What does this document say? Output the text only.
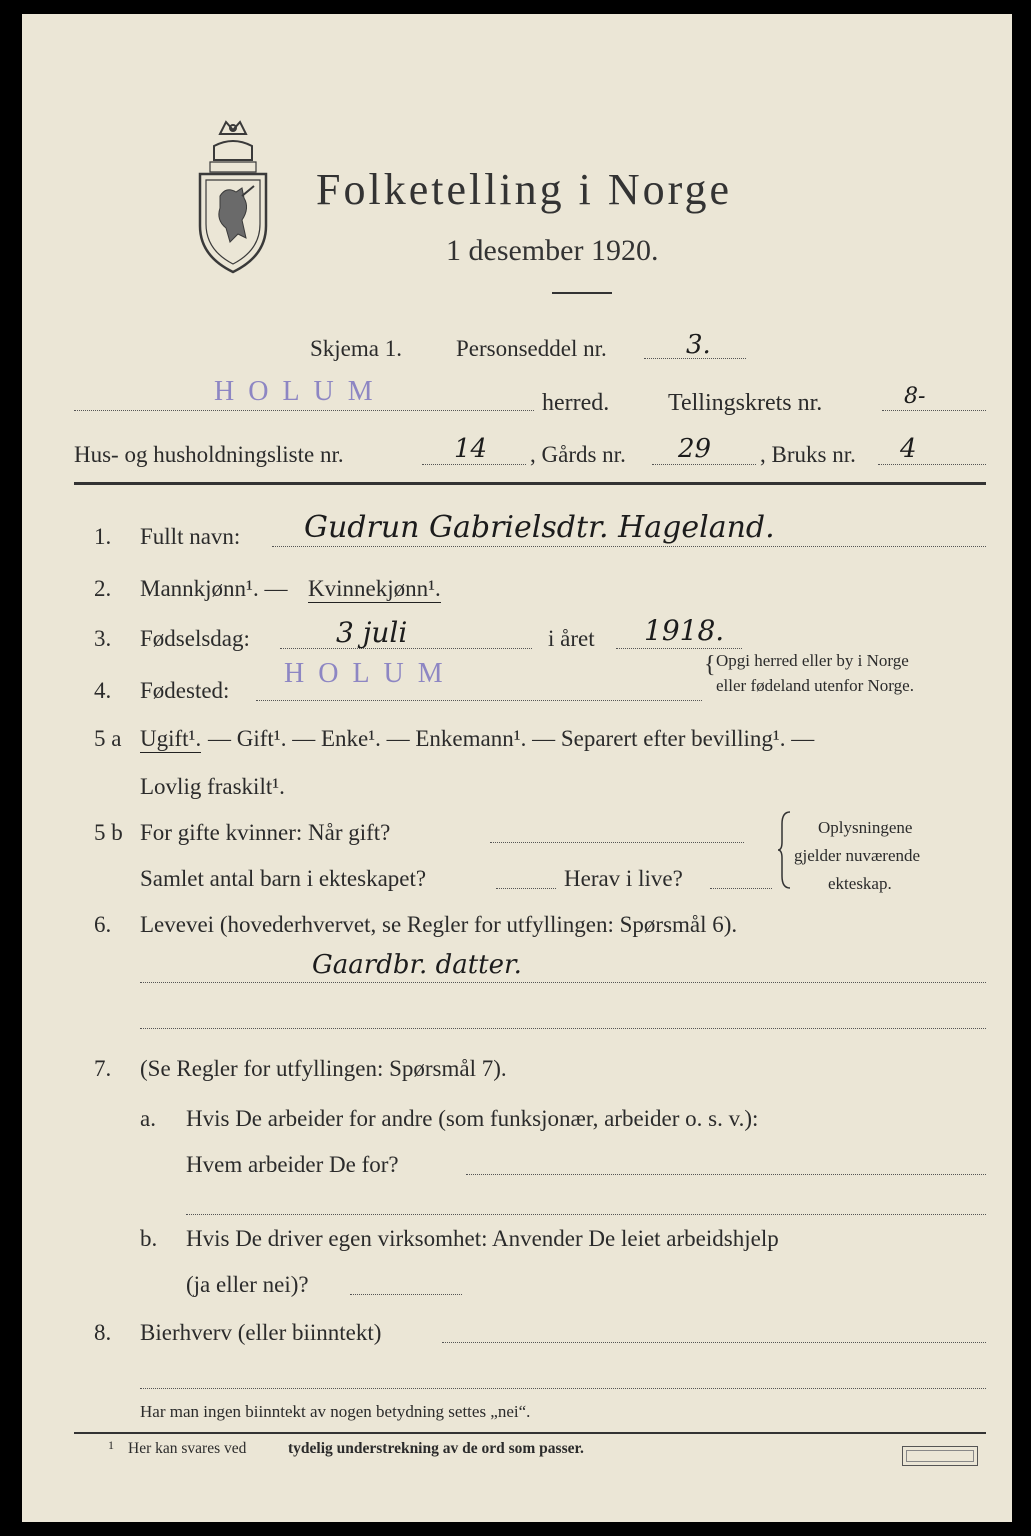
Folketelling i Norge
1 desember 1920.
Skjema 1. Personseddel nr.	3.
HOLUM	herred. Tellingskrets nr.	8-
Hus- og husholdningsliste nr.	14 , Gårds nr. 29 , Bruks nr. 4
1. Fullt navn: Gudrun Gabrielsdtr. Hageland.
2. Mannkjønn¹. — Kvinnekjønn¹.
3. Fødselsdag:	3 juli	i året 1918.
4. Fødested:
HOLUM	{ Opgi herred eller by i Norge
eller fødeland utenfor Norge.
5 a Ugift¹. — Gift¹. — Enke¹. — Enkemann¹. — Separert efter bevilling¹. —
Lovlig fraskilt¹.
5 b For gifte kvinner: Når gift?
Samlet antal barn i ekteskapet?	Herav i live?
Oplysningene
gjelder nuværende
ekteskap.
6. Levevei (hovederhvervet, se Regler for utfyllingen: Spørsmål 6).
Gaardbr. datter.
7. (Se Regler for utfyllingen: Spørsmål 7).
a. Hvis De arbeider for andre (som funksjonær, arbeider o. s. v.):
Hvem arbeider De for?
b. Hvis De driver egen virksomhet: Anvender De leiet arbeidshjelp
(ja eller nei)?
8. Bierhverv (eller biinntekt)
Har man ingen biinntekt av nogen betydning settes „nei“.
1 Her kan svares ved	tydelig understrekning av de ord som passer.
